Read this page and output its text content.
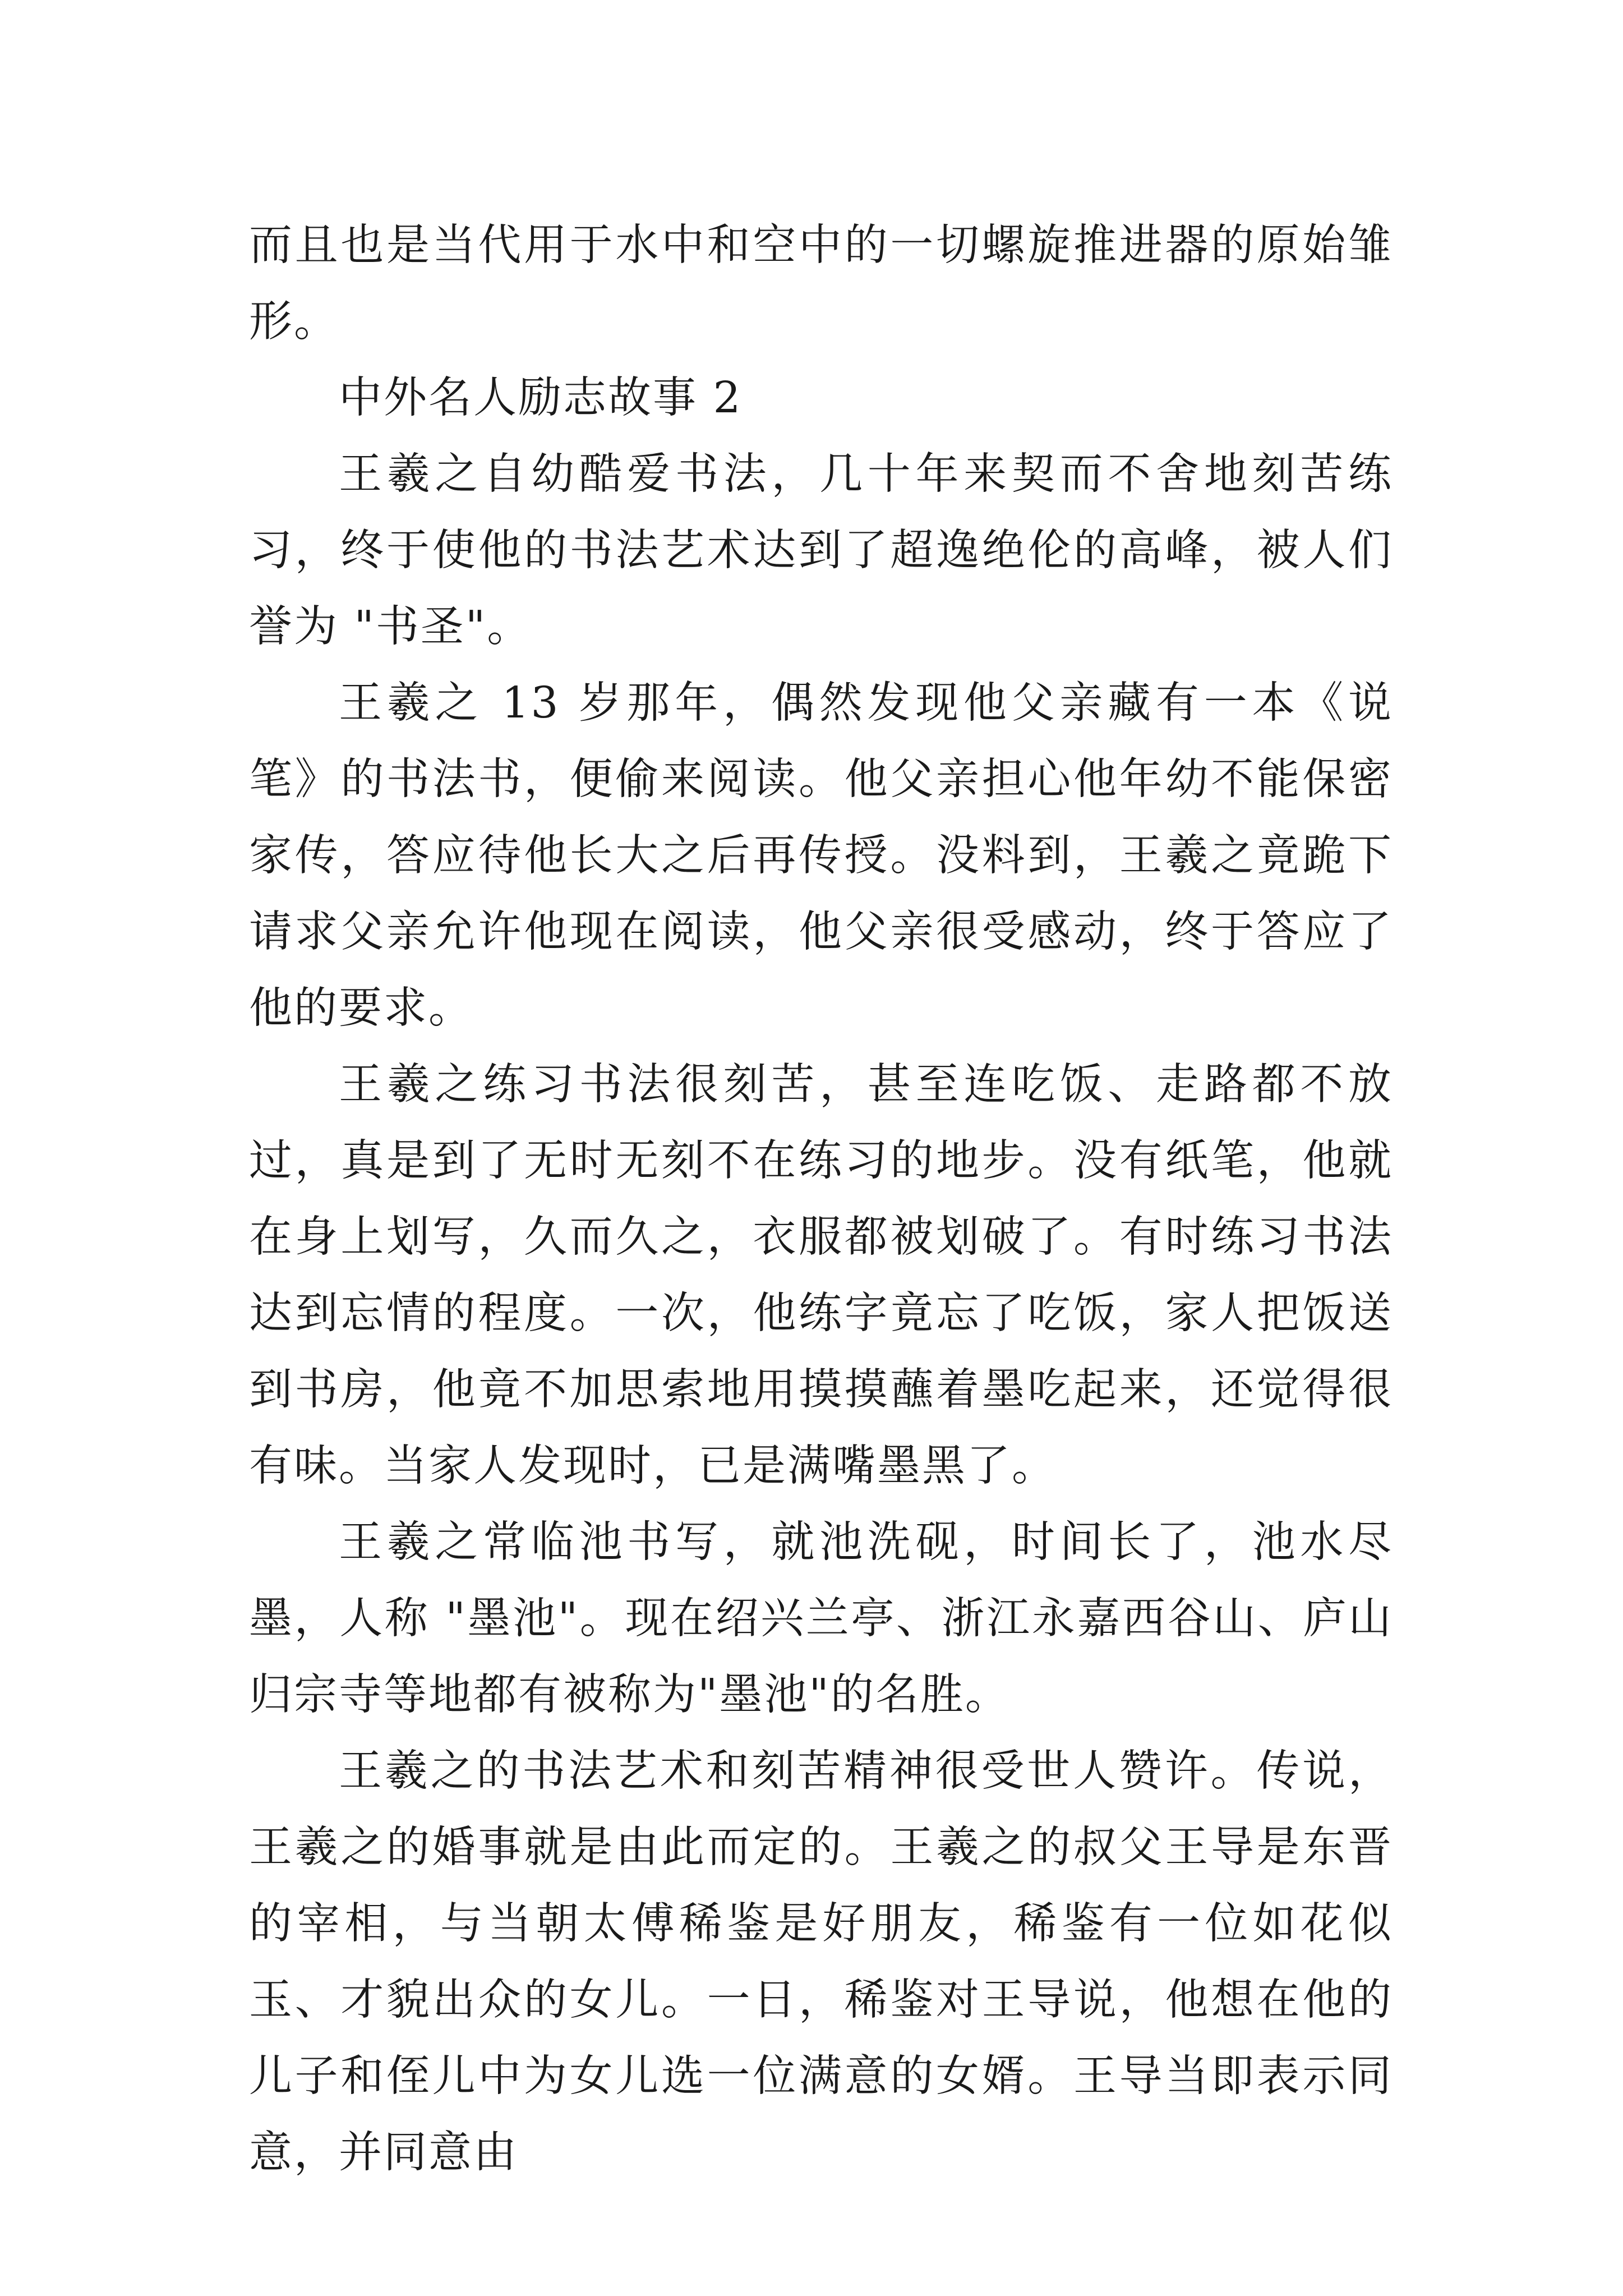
而且也是当代用于水中和空中的一切螺旋推进器的原始雏形。

中外名人励志故事 2

王羲之自幼酷爱书法，几十年来契而不舍地刻苦练习，终于使他的书法艺术达到了超逸绝伦的高峰，被人们誉为 "书圣"。

王羲之 13 岁那年，偶然发现他父亲藏有一本《说笔》的书法书，便偷来阅读。他父亲担心他年幼不能保密家传，答应待他长大之后再传授。没料到，王羲之竟跪下请求父亲允许他现在阅读，他父亲很受感动，终于答应了他的要求。

王羲之练习书法很刻苦，甚至连吃饭、走路都不放过，真是到了无时无刻不在练习的地步。没有纸笔，他就在身上划写，久而久之，衣服都被划破了。有时练习书法达到忘情的程度。一次，他练字竟忘了吃饭，家人把饭送到书房，他竟不加思索地用摸摸蘸着墨吃起来，还觉得很有味。当家人发现时，已是满嘴墨黑了。

王羲之常临池书写，就池洗砚，时间长了，池水尽墨，人称 "墨池"。现在绍兴兰亭、浙江永嘉西谷山、庐山归宗寺等地都有被称为"墨池"的名胜。

王羲之的书法艺术和刻苦精神很受世人赞许。传说，王羲之的婚事就是由此而定的。王羲之的叔父王导是东晋的宰相，与当朝太傅稀鉴是好朋友，稀鉴有一位如花似玉、才貌出众的女儿。一日，稀鉴对王导说，他想在他的儿子和侄儿中为女儿选一位满意的女婿。王导当即表示同意，并同意由
